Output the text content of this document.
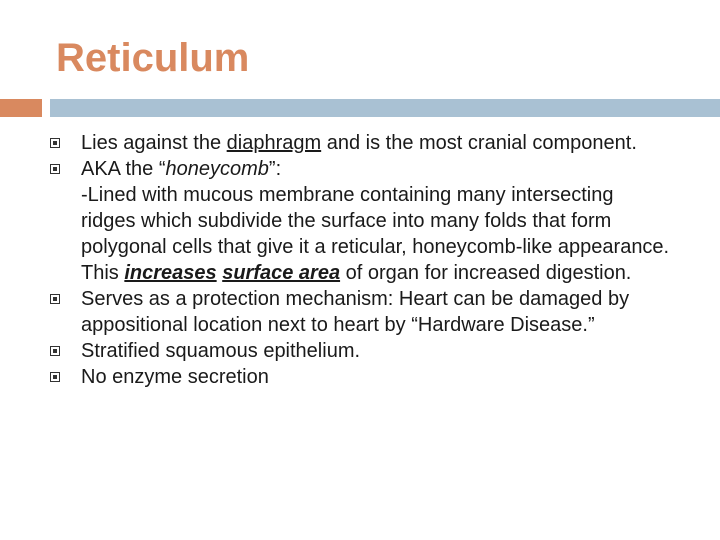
Reticulum
Lies against the diaphragm and is the most cranial component.
AKA the “honeycomb”:
-Lined with mucous membrane containing many intersecting ridges which subdivide the surface into many folds that form polygonal cells that give it a reticular, honeycomb-like appearance. This increases surface area of organ for increased digestion.
Serves as a protection mechanism: Heart can be damaged by appositional location next to heart by “Hardware Disease.”
Stratified squamous epithelium.
No enzyme secretion
